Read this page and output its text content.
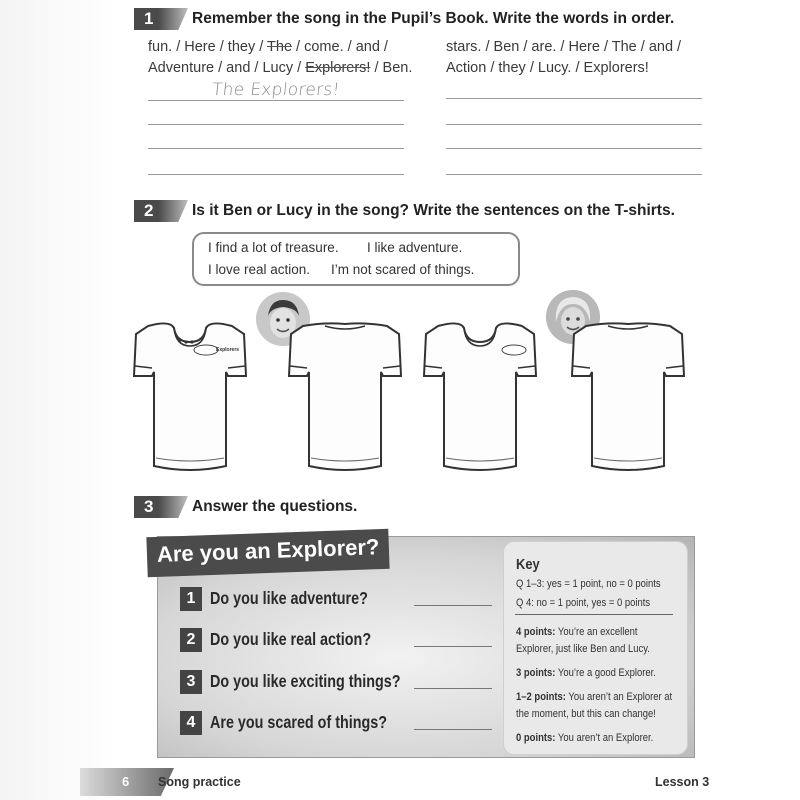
1 Remember the song in the Pupil’s Book. Write the words in order.
fun. / Here / they / The / come. / and /
Adventure / and / Lucy / Explorers! / Ben.
stars. / Ben / are. / Here / The / and /
Action / they / Lucy. / Explorers!
The Explorers!
2 Is it Ben or Lucy in the song? Write the sentences on the T-shirts.
I find a lot of treasure. I like adventure.
I love real action. I’m not scared of things.
Explorers
3 Answer the questions.
Are you an Explorer?
1 Do you like adventure?
2 Do you like real action?
3 Do you like exciting things?
4 Are you scared of things?
Key
Q 1–3: yes = 1 point, no = 0 points
Q 4: no = 1 point, yes = 0 points
4 points: You’re an excellent
Explorer, just like Ben and Lucy.
3 points: You’re a good Explorer.
1–2 points: You aren’t an Explorer at
the moment, but this can change!
0 points: You aren’t an Explorer.
6 Song practice	Lesson 3
